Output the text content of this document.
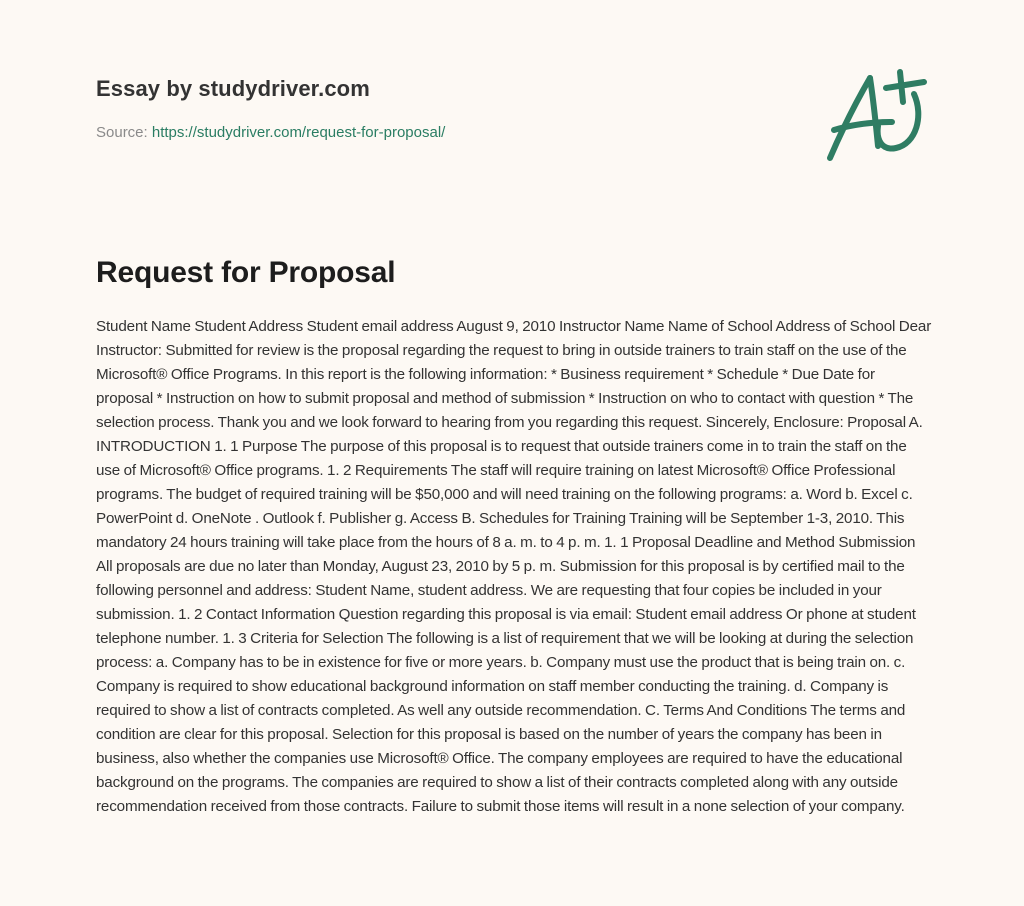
Essay by studydriver.com
Source: https://studydriver.com/request-for-proposal/
Request for Proposal

Student Name Student Address Student email address August 9, 2010 Instructor Name Name of School Address of School Dear Instructor: Submitted for review is the proposal regarding the request to bring in outside trainers to train staff on the use of the Microsoft® Office Programs. In this report is the following information: * Business requirement * Schedule * Due Date for proposal * Instruction on how to submit proposal and method of submission * Instruction on who to contact with question * The selection process. Thank you and we look forward to hearing from you regarding this request. Sincerely, Enclosure: Proposal A. INTRODUCTION 1. 1 Purpose The purpose of this proposal is to request that outside trainers come in to train the staff on the use of Microsoft® Office programs. 1. 2 Requirements The staff will require training on latest Microsoft® Office Professional programs. The budget of required training will be $50,000 and will need training on the following programs: a. Word b. Excel c. PowerPoint d. OneNote . Outlook f. Publisher g. Access B. Schedules for Training Training will be September 1-3, 2010. This mandatory 24 hours training will take place from the hours of 8 a. m. to 4 p. m. 1. 1 Proposal Deadline and Method Submission All proposals are due no later than Monday, August 23, 2010 by 5 p. m. Submission for this proposal is by certified mail to the following personnel and address: Student Name, student address. We are requesting that four copies be included in your submission. 1. 2 Contact Information Question regarding this proposal is via email: Student email address Or phone at student telephone number. 1. 3 Criteria for Selection The following is a list of requirement that we will be looking at during the selection process: a. Company has to be in existence for five or more years. b. Company must use the product that is being train on. c. Company is required to show educational background information on staff member conducting the training. d. Company is required to show a list of contracts completed. As well any outside recommendation. C. Terms And Conditions The terms and condition are clear for this proposal. Selection for this proposal is based on the number of years the company has been in business, also whether the companies use Microsoft® Office. The company employees are required to have the educational background on the programs. The companies are required to show a list of their contracts completed along with any outside recommendation received from those contracts. Failure to submit those items will result in a none selection of your company.
